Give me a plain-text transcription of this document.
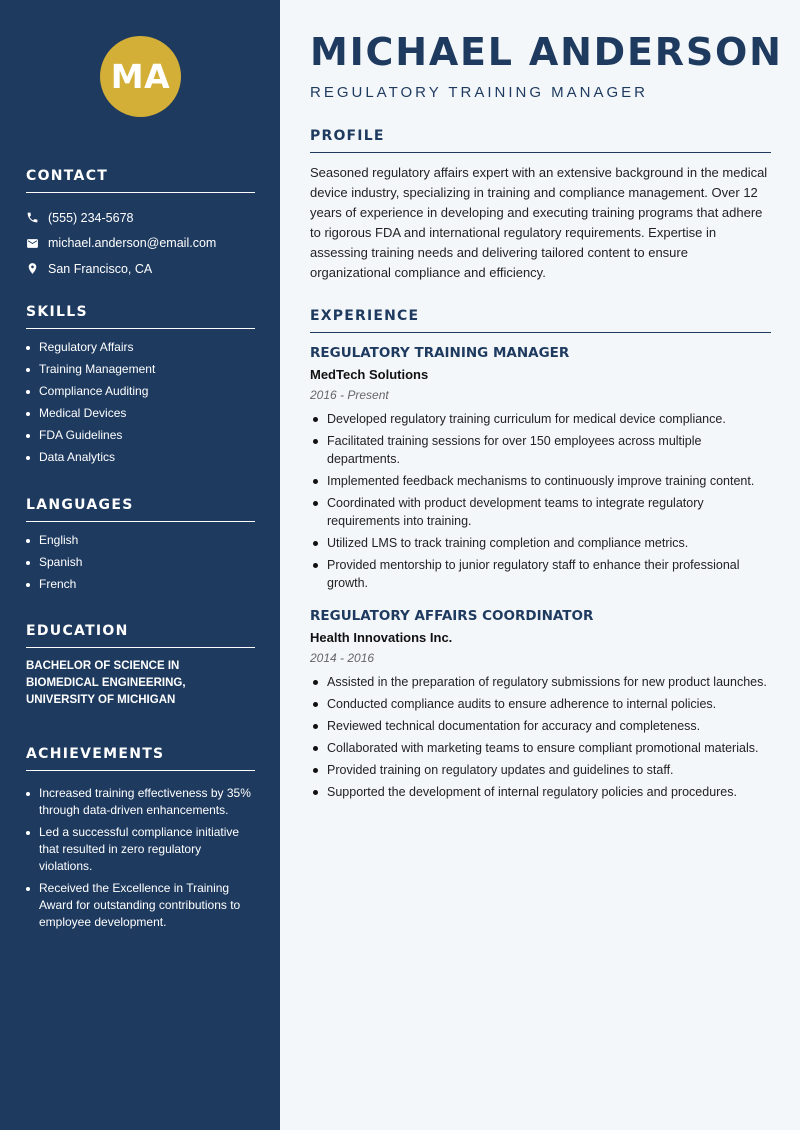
MA
CONTACT
(555) 234-5678
michael.anderson@email.com
San Francisco, CA
SKILLS
Regulatory Affairs
Training Management
Compliance Auditing
Medical Devices
FDA Guidelines
Data Analytics
LANGUAGES
English
Spanish
French
EDUCATION
BACHELOR OF SCIENCE IN BIOMEDICAL ENGINEERING, UNIVERSITY OF MICHIGAN
ACHIEVEMENTS
Increased training effectiveness by 35% through data-driven enhancements.
Led a successful compliance initiative that resulted in zero regulatory violations.
Received the Excellence in Training Award for outstanding contributions to employee development.
MICHAEL ANDERSON
REGULATORY TRAINING MANAGER
PROFILE

Seasoned regulatory affairs expert with an extensive background in the medical device industry, specializing in training and compliance management. Over 12 years of experience in developing and executing training programs that adhere to rigorous FDA and international regulatory requirements. Expertise in assessing training needs and delivering tailored content to ensure organizational compliance and efficiency.

EXPERIENCE
REGULATORY TRAINING MANAGER

MedTech Solutions

2016 - Present

Developed regulatory training curriculum for medical device compliance.
Facilitated training sessions for over 150 employees across multiple departments.
Implemented feedback mechanisms to continuously improve training content.
Coordinated with product development teams to integrate regulatory requirements into training.
Utilized LMS to track training completion and compliance metrics.
Provided mentorship to junior regulatory staff to enhance their professional growth.
REGULATORY AFFAIRS COORDINATOR

Health Innovations Inc.

2014 - 2016

Assisted in the preparation of regulatory submissions for new product launches.
Conducted compliance audits to ensure adherence to internal policies.
Reviewed technical documentation for accuracy and completeness.
Collaborated with marketing teams to ensure compliant promotional materials.
Provided training on regulatory updates and guidelines to staff.
Supported the development of internal regulatory policies and procedures.
